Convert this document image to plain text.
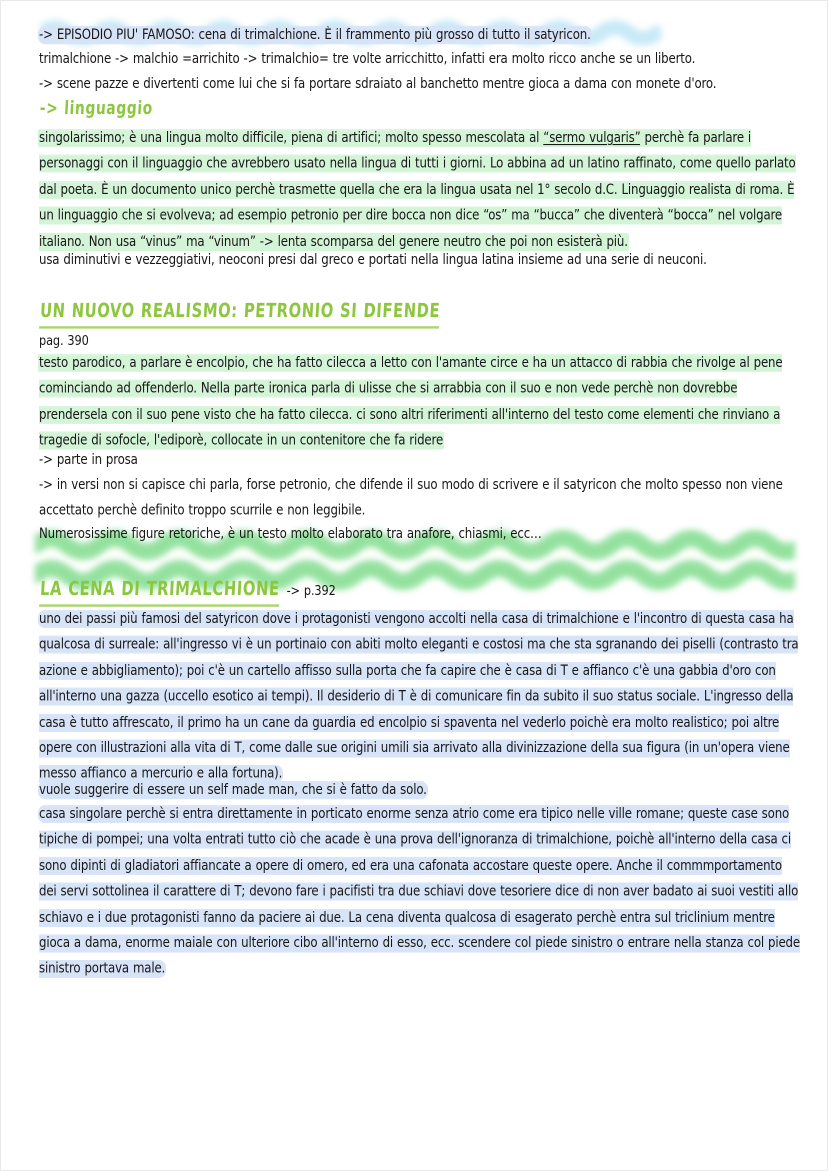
-> EPISODIO PIU' FAMOSO: cena di trimalchione. È il frammento più grosso di tutto il satyricon.

trimalchione -> malchio =arrichito -> trimalchio= tre volte arricchitto, infatti era molto ricco anche se un liberto.

-> scene pazze e divertenti come lui che si fa portare sdraiato al banchetto mentre gioca a dama con monete d'oro.

-> linguaggio

singolarissimo; è una lingua molto difficile, piena di artifici; molto spesso mescolata al “sermo vulgaris” perchè fa parlare i personaggi con il linguaggio che avrebbero usato nella lingua di tutti i giorni. Lo abbina ad un latino raffinato, come quello parlato dal poeta. È un documento unico perchè trasmette quella che era la lingua usata nel 1° secolo d.C. Linguaggio realista di roma. È un linguaggio che si evolveva; ad esempio petronio per dire bocca non dice “os” ma “bucca” che diventerà “bocca” nel volgare italiano. Non usa “vinus” ma “vinum” -> lenta scomparsa del genere neutro che poi non esisterà più.

usa diminutivi e vezzeggiativi, neoconi presi dal greco e portati nella lingua latina insieme ad una serie di neuconi.

UN NUOVO REALISMO: PETRONIO SI DIFENDE

pag. 390

testo parodico, a parlare è encolpio, che ha fatto cilecca a letto con l'amante circe e ha un attacco di rabbia che rivolge al pene cominciando ad offenderlo. Nella parte ironica parla di ulisse che si arrabbia con il suo e non vede perchè non dovrebbe prendersela con il suo pene visto che ha fatto cilecca. ci sono altri riferimenti all'interno del testo come elementi che rinviano a tragedie di sofocle, l'ediporè, collocate in un contenitore che fa ridere

-> parte in prosa

-> in versi non si capisce chi parla, forse petronio, che difende il suo modo di scrivere e il satyricon che molto spesso non viene accettato perchè definito troppo scurrile e non leggibile.

Numerosissime figure retoriche, è un testo molto elaborato tra anafore, chiasmi, ecc…

LA CENA DI TRIMALCHIONE -> p.392

uno dei passi più famosi del satyricon dove i protagonisti vengono accolti nella casa di trimalchione e l'incontro di questa casa ha qualcosa di surreale: all'ingresso vi è un portinaio con abiti molto eleganti e costosi ma che sta sgranando dei piselli (contrasto tra azione e abbigliamento); poi c'è un cartello affisso sulla porta che fa capire che è casa di T e affianco c'è una gabbia d'oro con all'interno una gazza (uccello esotico ai tempi). Il desiderio di T è di comunicare fin da subito il suo status sociale. L'ingresso della casa è tutto affrescato, il primo ha un cane da guardia ed encolpio si spaventa nel vederlo poichè era molto realistico; poi altre opere con illustrazioni alla vita di T, come dalle sue origini umili sia arrivato alla divinizzazione della sua figura (in un'opera viene messo affianco a mercurio e alla fortuna).

vuole suggerire di essere un self made man, che si è fatto da solo.

casa singolare perchè si entra direttamente in porticato enorme senza atrio come era tipico nelle ville romane; queste case sono tipiche di pompei; una volta entrati tutto ciò che acade è una prova dell'ignoranza di trimalchione, poichè all'interno della casa ci sono dipinti di gladiatori affiancate a opere di omero, ed era una cafonata accostare queste opere. Anche il commmportamento dei servi sottolinea il carattere di T; devono fare i pacifisti tra due schiavi dove tesoriere dice di non aver badato ai suoi vestiti allo schiavo e i due protagonisti fanno da paciere ai due. La cena diventa qualcosa di esagerato perchè entra sul triclinium mentre gioca a dama, enorme maiale con ulteriore cibo all'interno di esso, ecc. scendere col piede sinistro o entrare nella stanza col piede sinistro portava male.
